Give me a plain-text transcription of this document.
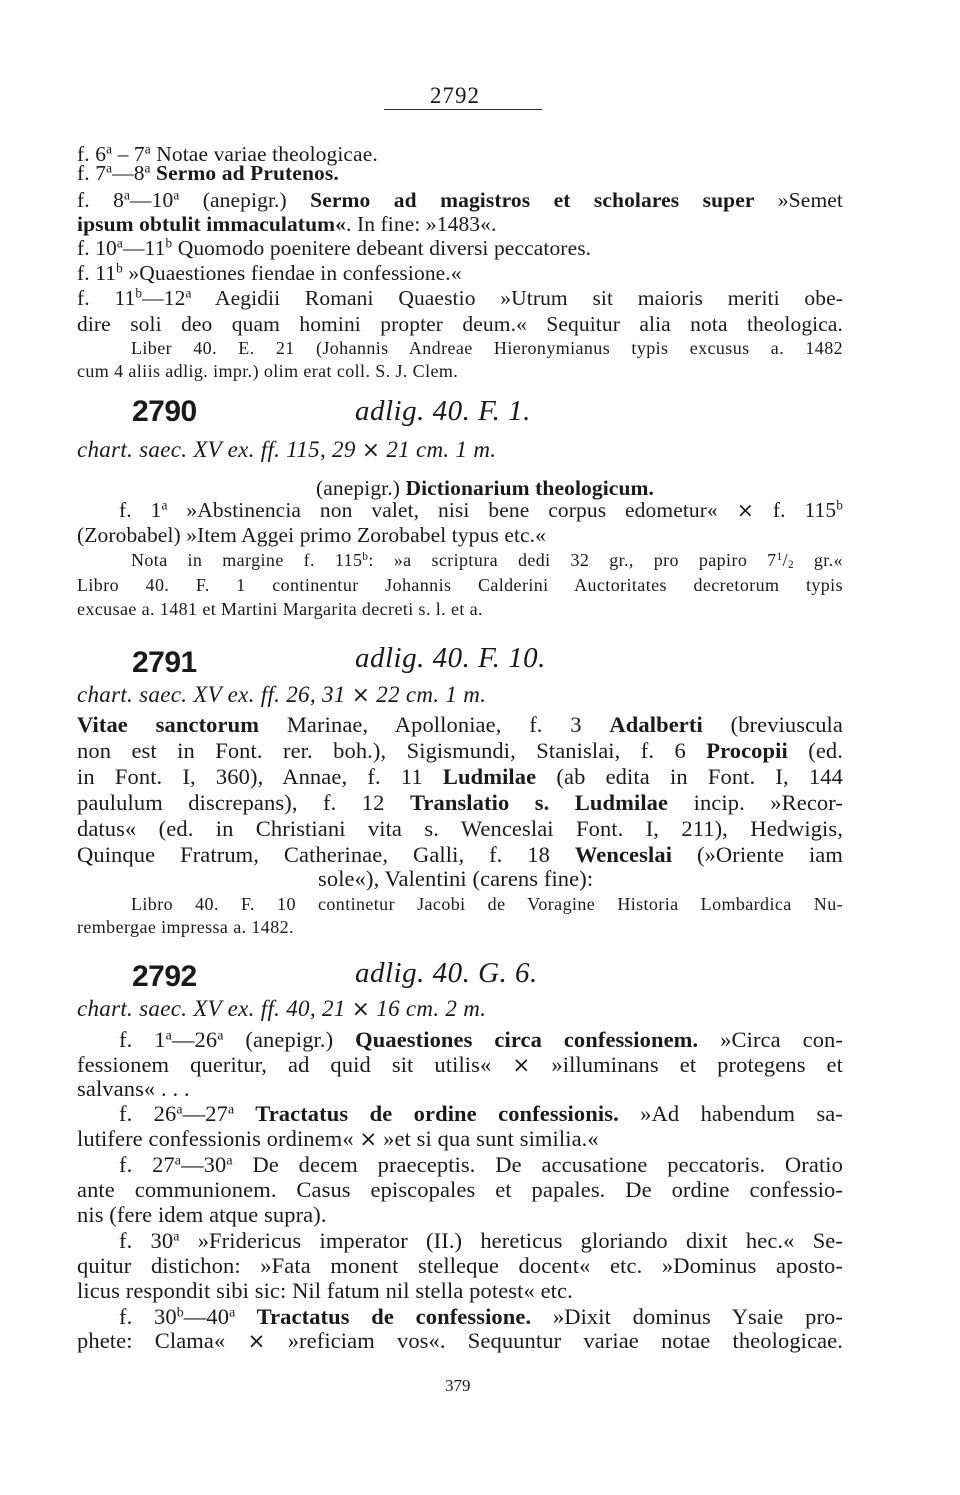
2792
f. 6$^a$ – 7$^a$ Notae variae theologicae.
f. 7$^a$—8$^a$ Sermo ad Prutenos.
f. 8$^a$—10$^a$ (anepigr.) Sermo ad magistros et scholares super »Semet
ipsum obtulit immaculatum«. In fine: »1483«.
f. 10$^a$—11$^b$ Quomodo poenitere debeant diversi peccatores.
f. 11$^b$ »Quaestiones fiendae in confessione.«
f. 11$^b$—12$^a$ Aegidii Romani Quaestio »Utrum sit maioris meriti obe-
dire soli deo quam homini propter deum.« Sequitur alia nota theologica.
Liber 40. E. 21 (Johannis Andreae Hieronymianus typis excusus a. 1482
cum 4 aliis adlig. impr.) olim erat coll. S. J. Clem.
2790	adlig. 40. F. 1.
chart. saec. XV ex. ff. 115, 29 × 21 cm. 1 m.
(anepigr.) Dictionarium theologicum.
f. 1$^a$ »Abstinencia non valet, nisi bene corpus edometur« × f. 115$^b$
(Zorobabel) »Item Aggei primo Zorobabel typus etc.«
Nota in margine f. 115$^b$: »a scriptura dedi 32 gr., pro papiro $7^1/_2$ gr.«
Libro 40. F. 1 continentur Johannis Calderini Auctoritates decretorum typis
excusae a. 1481 et Martini Margarita decreti s. l. et a.
2791	adlig. 40. F. 10.
chart. saec. XV ex. ff. 26, 31 × 22 cm. 1 m.
Vitae sanctorum Marinae, Apolloniae, f. 3 Adalberti (breviuscula
non est in Font. rer. boh.), Sigismundi, Stanislai, f. 6 Procopii (ed.
in Font. I, 360), Annae, f. 11 Ludmilae (ab edita in Font. I, 144
paululum discrepans), f. 12 Translatio s. Ludmilae incip. »Recor-
datus« (ed. in Christiani vita s. Wenceslai Font. I, 211), Hedwigis,
Quinque Fratrum, Catherinae, Galli, f. 18 Wenceslai (»Oriente iam
sole«), Valentini (carens fine):
Libro 40. F. 10 continetur Jacobi de Voragine Historia Lombardica Nu-
rembergae impressa a. 1482.
2792	adlig. 40. G. 6.
chart. saec. XV ex. ff. 40, 21 × 16 cm. 2 m.
f. 1$^a$—26$^a$ (anepigr.) Quaestiones circa confessionem. »Circa con-
fessionem queritur, ad quid sit utilis« × »illuminans et protegens et
salvans« . . .
f. 26$^a$—27$^a$ Tractatus de ordine confessionis. »Ad habendum sa-
lutifere confessionis ordinem« × »et si qua sunt similia.«
f. 27$^a$—30$^a$ De decem praeceptis. De accusatione peccatoris. Oratio
ante communionem. Casus episcopales et papales. De ordine confessio-
nis (fere idem atque supra).
f. 30$^a$ »Fridericus imperator (II.) hereticus gloriando dixit hec.« Se-
quitur distichon: »Fata monent stelleque docent« etc. »Dominus aposto-
licus respondit sibi sic: Nil fatum nil stella potest« etc.
f. 30$^b$—40$^a$ Tractatus de confessione. »Dixit dominus Ysaie pro-
phete: Clama« × »reficiam vos«. Sequuntur variae notae theologicae.
379
